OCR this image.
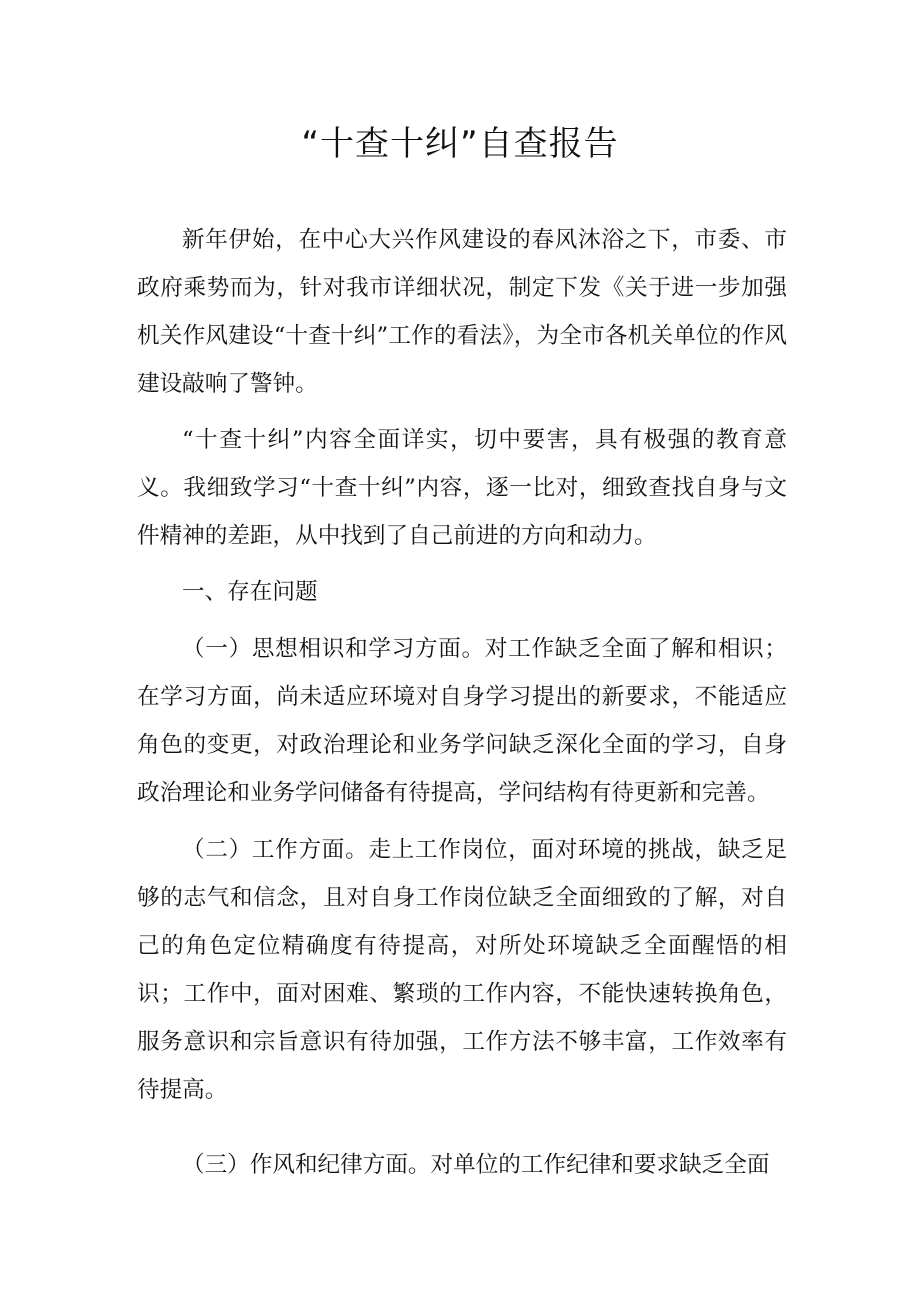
“十查十纠”自查报告

新年伊始，在中心大兴作风建设的春风沐浴之下，市委、市政府乘势而为，针对我市详细状况，制定下发《关于进一步加强机关作风建设“十查十纠”工作的看法》，为全市各机关单位的作风建设敲响了警钟。

“十查十纠”内容全面详实，切中要害，具有极强的教育意义。我细致学习“十查十纠”内容，逐一比对，细致查找自身与文件精神的差距，从中找到了自己前进的方向和动力。

一、存在问题

（一）思想相识和学习方面。对工作缺乏全面了解和相识；在学习方面，尚未适应环境对自身学习提出的新要求，不能适应角色的变更，对政治理论和业务学问缺乏深化全面的学习，自身政治理论和业务学问储备有待提高，学问结构有待更新和完善。

（二）工作方面。走上工作岗位，面对环境的挑战，缺乏足够的志气和信念，且对自身工作岗位缺乏全面细致的了解，对自己的角色定位精确度有待提高，对所处环境缺乏全面醒悟的相识；工作中，面对困难、繁琐的工作内容，不能快速转换角色，服务意识和宗旨意识有待加强，工作方法不够丰富，工作效率有待提高。

（三）作风和纪律方面。对单位的工作纪律和要求缺乏全面
